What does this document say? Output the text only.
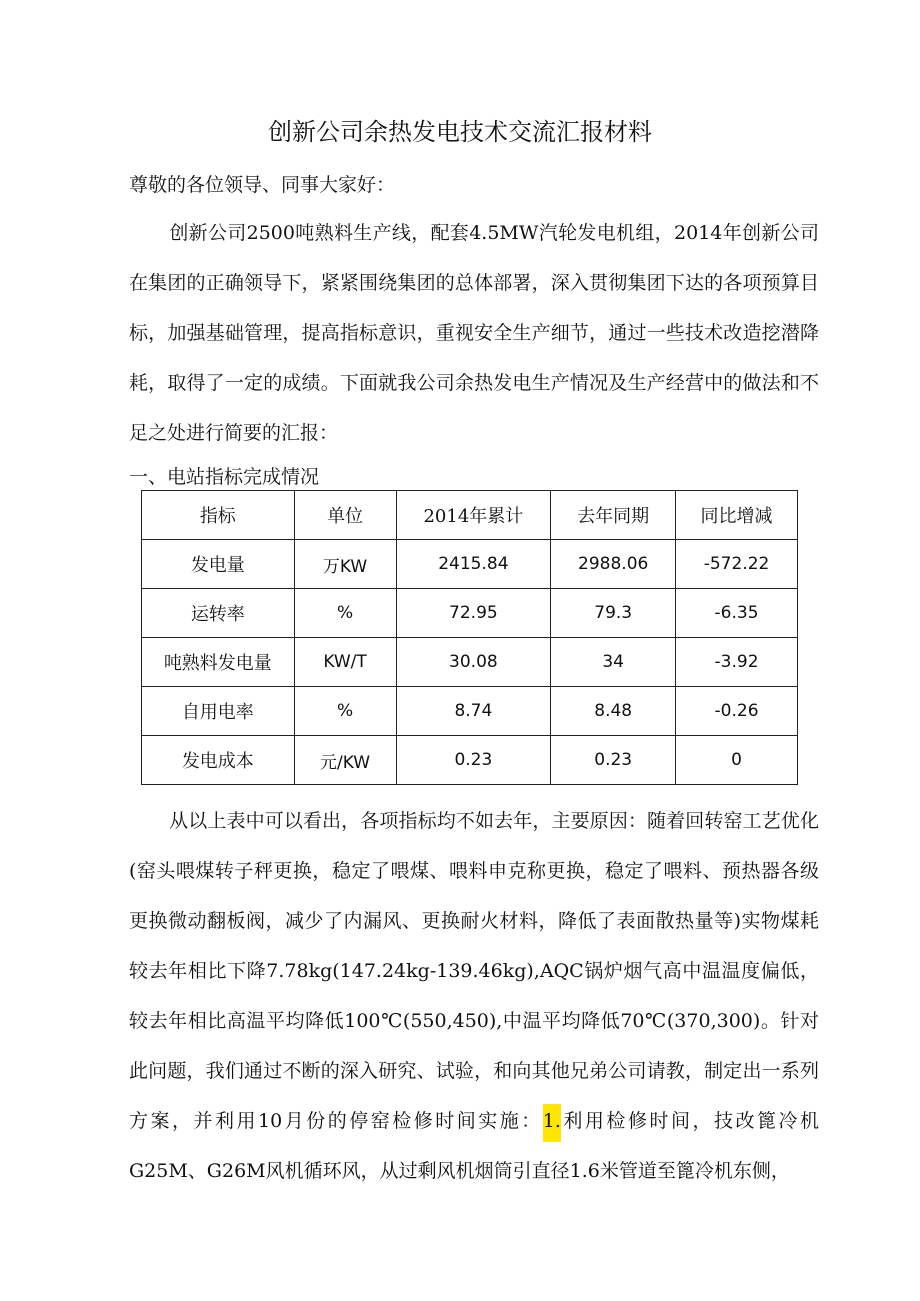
创新公司余热发电技术交流汇报材料
尊敬的各位领导、同事大家好：

创新公司2500吨熟料生产线，配套4.5MW汽轮发电机组，2014年创新公司在集团的正确领导下，紧紧围绕集团的总体部署，深入贯彻集团下达的各项预算目标，加强基础管理，提高指标意识，重视安全生产细节，通过一些技术改造挖潜降耗，取得了一定的成绩。下面就我公司余热发电生产情况及生产经营中的做法和不足之处进行简要的汇报：

一、电站指标完成情况
指标	单位	2014年累计	去年同期	同比增减
发电量	万KW	2415.84	2988.06	-572.22
运转率	%	72.95	79.3	-6.35
吨熟料发电量	KW/T	30.08	34	-3.92
自用电率	%	8.74	8.48	-0.26
发电成本	元/KW	0.23	0.23	0

从以上表中可以看出，各项指标均不如去年，主要原因：随着回转窑工艺优化(窑头喂煤转子秤更换，稳定了喂煤、喂料申克称更换，稳定了喂料、预热器各级更换微动翻板阀，减少了内漏风、更换耐火材料，降低了表面散热量等)实物煤耗较去年相比下降7.78kg(147.24kg-139.46kg),AQC锅炉烟气高中温温度偏低，较去年相比高温平均降低100℃(550,450),中温平均降低70℃(370,300)。针对此问题，我们通过不断的深入研究、试验，和向其他兄弟公司请教，制定出一系列方案，并利用10月份的停窑检修时间实施：1.利用检修时间，技改篦冷机G25M、G26M风机循环风，从过剩风机烟筒引直径1.6米管道至篦冷机东侧，
